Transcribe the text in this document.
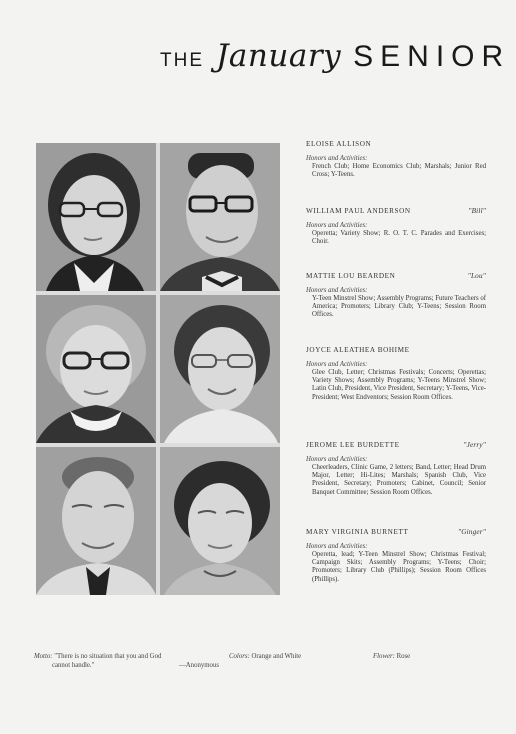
THE January SENIOR
ELOISE ALLISON
Honors and Activities:
French Club; Home Economics Club; Marshals; Junior Red Cross; Y-Teens.
WILLIAM PAUL ANDERSON	"Bill"
Honors and Activities:
Operetta; Variety Show; R. O. T. C. Parades and Exercises; Choir.
MATTIE LOU BEARDEN	"Lou"
Honors and Activities:
Y-Teen Minstrel Show; Assembly Programs; Future Teachers of America; Promoters; Library Club; Y-Teens; Session Room Offices.
JOYCE ALEATHEA BOHIME
Honors and Activities:
Glee Club, Letter; Christmas Festivals; Concerts; Operettas; Variety Shows; Assembly Programs; Y-Teens Minstrel Show; Latin Club, President, Vice President, Secretary; Y-Teens, Vice-President; West Endventors; Session Room Offices.
JEROME LEE BURDETTE	"Jerry"
Honors and Activities:
Cheerleaders, Clinic Game, 2 letters; Band, Letter; Head Drum Major, Letter; Hi-Lites; Marshals; Spanish Club, Vice President, Secretary; Promoters; Cabinet, Council; Senior Banquet Committee; Session Room Offices.
MARY VIRGINIA BURNETT	"Ginger"
Honors and Activities:
Operetta, lead; Y-Teen Minstrel Show; Christmas Festival; Campaign Skits; Assembly Programs; Y-Teens; Choir; Promoters; Library Club (Phillips); Session Room Offices (Phillips).
Motto: "There is no situation that you and God
cannot handle."	—Anonymous
Colors: Orange and White	Flower: Rose
